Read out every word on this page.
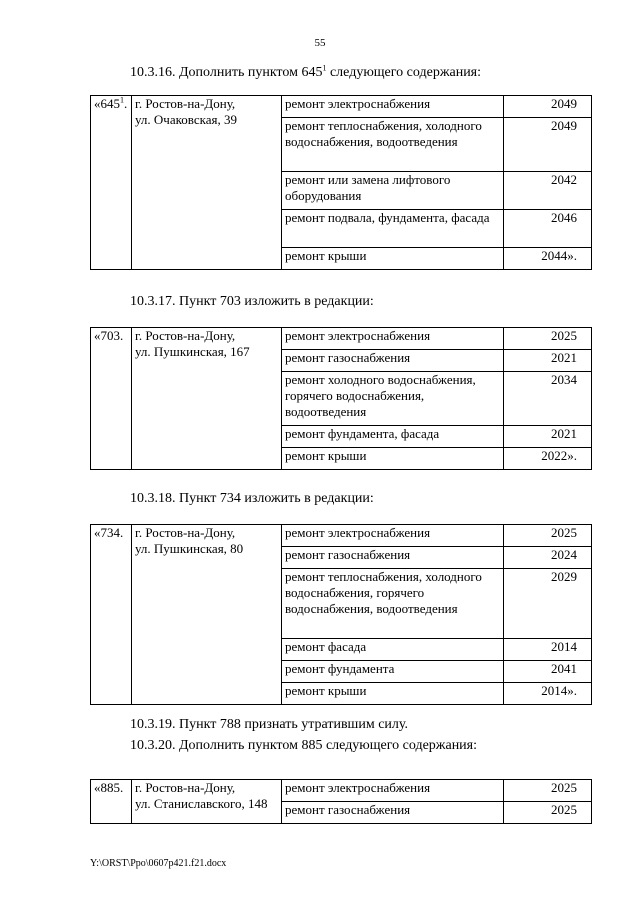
55
10.3.16. Дополнить пунктом $645^1$ следующего содержания:
«$645^1$.	г. Ростов-на-Дону,
ул. Очаковская, 39	ремонт электроснабжения	2049
		ремонт теплоснабжения, холодного водоснабжения, водоотведения	2049
		ремонт или замена лифтового оборудования	2042
		ремонт подвала, фундамента, фасада	2046
		ремонт крыши	2044».
10.3.17. Пункт 703 изложить в редакции:
«703.	г. Ростов-на-Дону,
ул. Пушкинская, 167	ремонт электроснабжения	2025
		ремонт газоснабжения	2021
		ремонт холодного водоснабжения, горячего водоснабжения, водоотведения	2034
		ремонт фундамента, фасада	2021
		ремонт крыши	2022».
10.3.18. Пункт 734 изложить в редакции:
«734.	г. Ростов-на-Дону,
ул. Пушкинская, 80	ремонт электроснабжения	2025
		ремонт газоснабжения	2024
		ремонт теплоснабжения, холодного водоснабжения, горячего водоснабжения, водоотведения	2029
		ремонт фасада	2014
		ремонт фундамента	2041
		ремонт крыши	2014».
10.3.19. Пункт 788 признать утратившим силу.
10.3.20. Дополнить пунктом 885 следующего содержания:
«885.	г. Ростов-на-Дону,
ул. Станиславского, 148	ремонт электроснабжения	2025
		ремонт газоснабжения	2025
Y:\ORST\Ppo\0607p421.f21.docx
